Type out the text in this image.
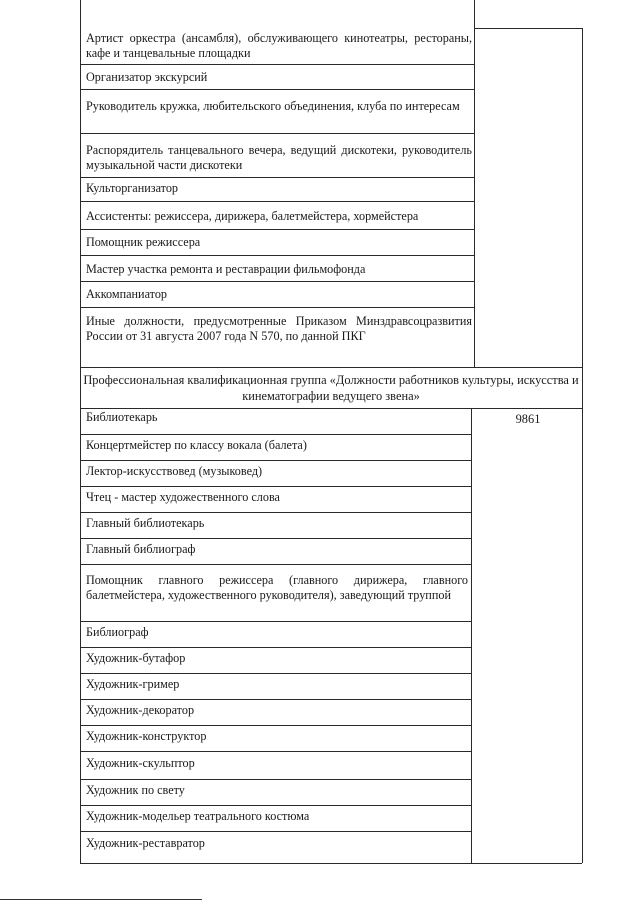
Артист оркестра (ансамбля), обслуживающего кинотеатры, рестораны, кафе и танцевальные площадки
Организатор экскурсий
Руководитель кружка, любительского объединения, клуба по интересам
Распорядитель танцевального вечера, ведущий дискотеки, руководитель музыкальной части дискотеки
Культорганизатор
Ассистенты: режиссера, дирижера, балетмейстера, хормейстера
Помощник режиссера
Мастер участка ремонта и реставрации фильмофонда
Аккомпаниатор
Иные должности, предусмотренные Приказом Минздравсоцразвития России от 31 августа 2007 года N 570, по данной ПКГ
Профессиональная квалификационная группа «Должности работников культуры, искусства и кинематографии ведущего звена»
9861
Библиотекарь
Концертмейстер по классу вокала (балета)
Лектор-искусствовед (музыковед)
Чтец - мастер художественного слова
Главный библиотекарь
Главный библиограф
Помощник главного режиссера (главного дирижера, главного балетмейстера, художественного руководителя), заведующий труппой
Библиограф
Художник-бутафор
Художник-гример
Художник-декоратор
Художник-конструктор
Художник-скульптор
Художник по свету
Художник-модельер театрального костюма
Художник-реставратор
